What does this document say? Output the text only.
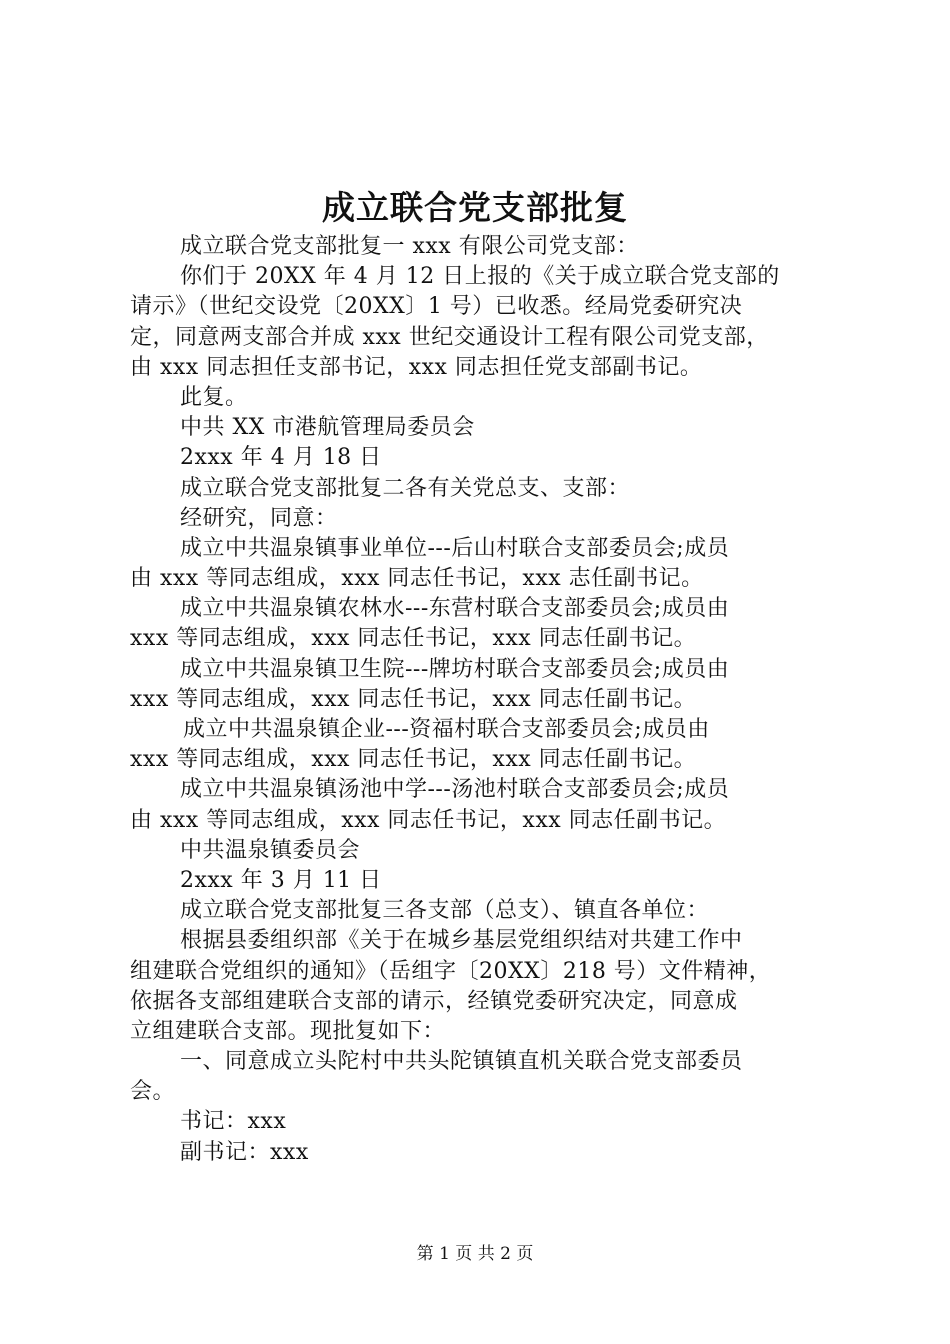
成立联合党支部批复
成立联合党支部批复一 xxx 有限公司党支部：
你们于 20XX 年 4 月 12 日上报的《关于成立联合党支部的
请示》（世纪交设党〔20XX〕1 号）已收悉。经局党委研究决
定，同意两支部合并成 xxx 世纪交通设计工程有限公司党支部，
由 xxx 同志担任支部书记，xxx 同志担任党支部副书记。
此复。
中共 XX 市港航管理局委员会
2xxx 年 4 月 18 日
成立联合党支部批复二各有关党总支、支部：
经研究，同意：
成立中共温泉镇事业单位---后山村联合支部委员会;成员
由 xxx 等同志组成，xxx 同志任书记，xxx 志任副书记。
成立中共温泉镇农林水---东营村联合支部委员会;成员由
xxx 等同志组成，xxx 同志任书记，xxx 同志任副书记。
成立中共温泉镇卫生院---牌坊村联合支部委员会;成员由
xxx 等同志组成，xxx 同志任书记，xxx 同志任副书记。
成立中共温泉镇企业---资福村联合支部委员会;成员由
xxx 等同志组成，xxx 同志任书记，xxx 同志任副书记。
成立中共温泉镇汤池中学---汤池村联合支部委员会;成员
由 xxx 等同志组成，xxx 同志任书记，xxx 同志任副书记。
中共温泉镇委员会
2xxx 年 3 月 11 日
成立联合党支部批复三各支部（总支）、镇直各单位：
根据县委组织部《关于在城乡基层党组织结对共建工作中
组建联合党组织的通知》（岳组字〔20XX〕218 号）文件精神，
依据各支部组建联合支部的请示，经镇党委研究决定，同意成
立组建联合支部。现批复如下：
一、同意成立头陀村中共头陀镇镇直机关联合党支部委员
会。
书记：xxx
副书记：xxx
第 1 页 共 2 页
